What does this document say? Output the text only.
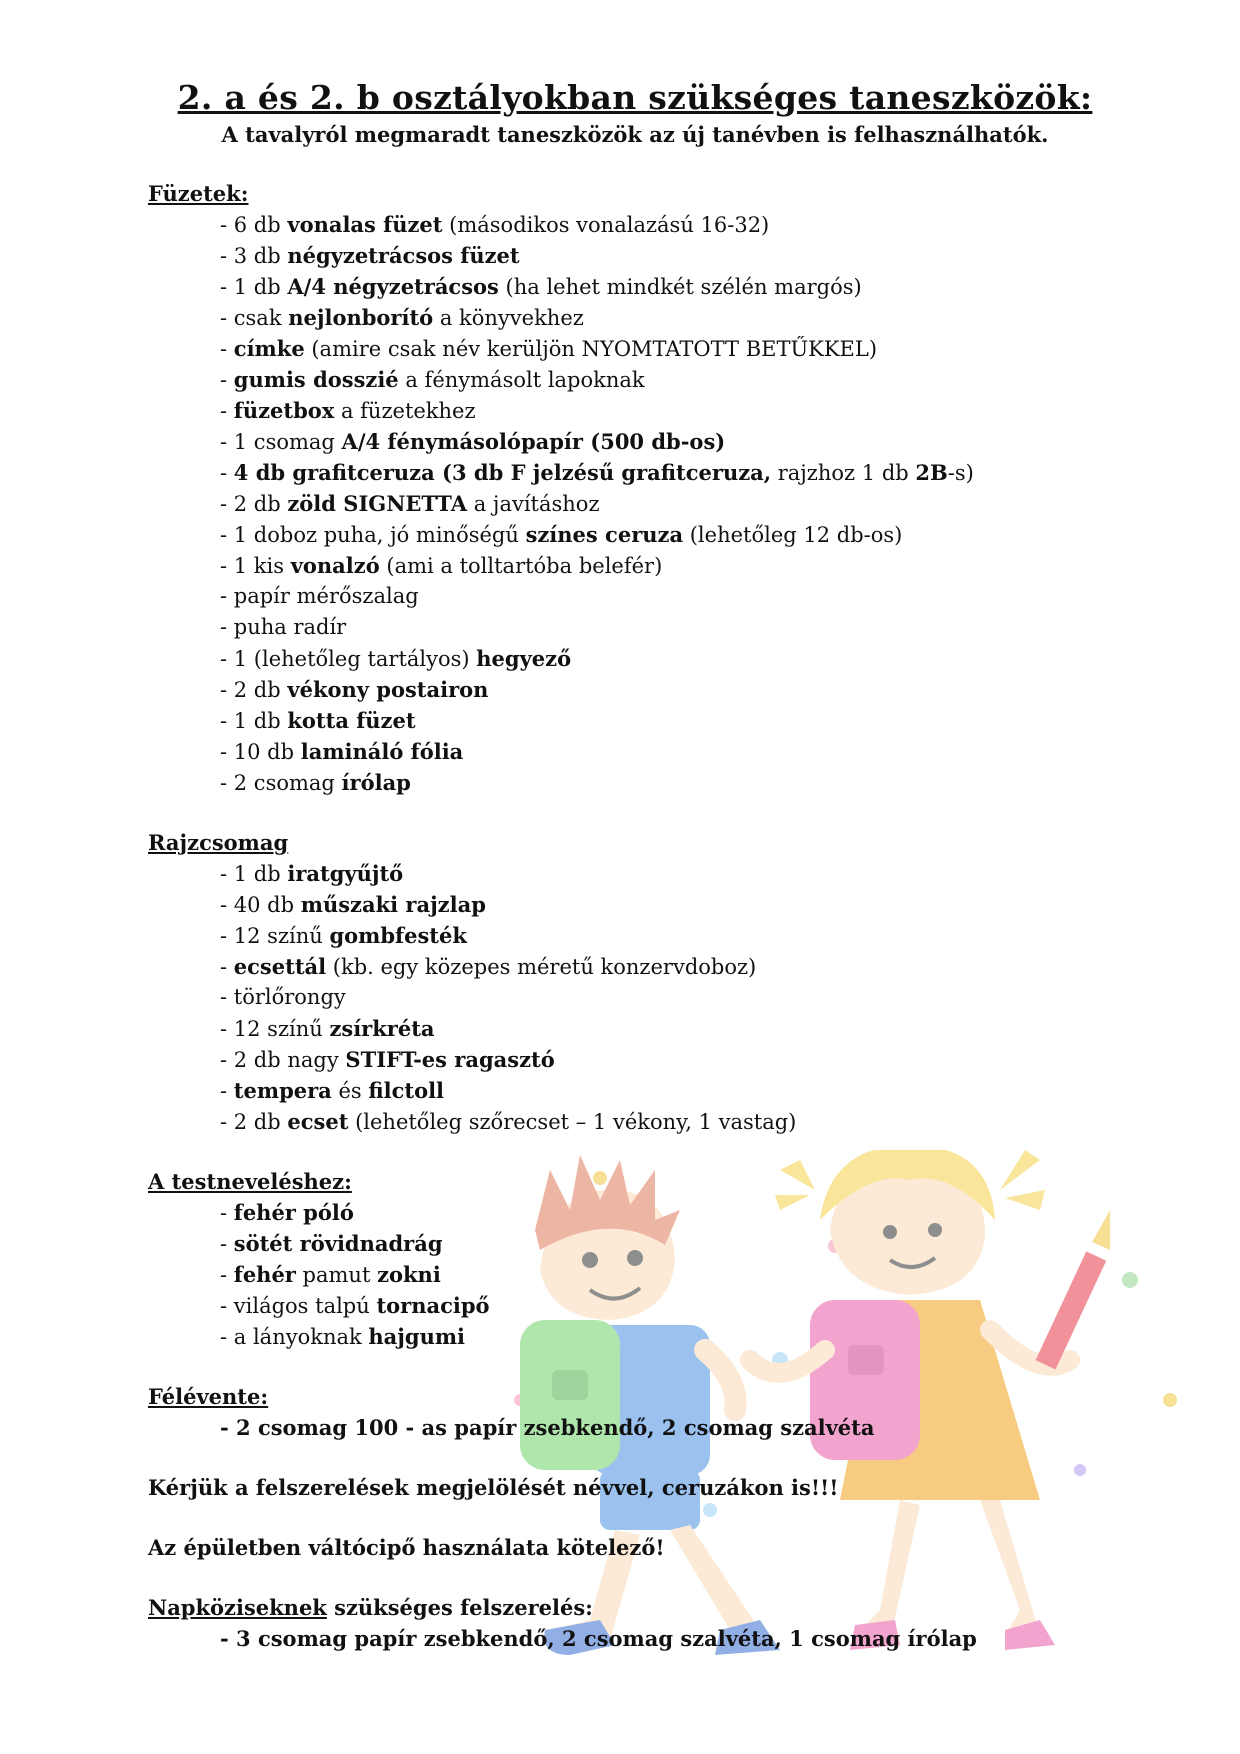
2. a és 2. b osztályokban szükséges taneszközök:
A tavalyról megmaradt taneszközök az új tanévben is felhasználhatók.
Füzetek:
- 6 db vonalas füzet (másodikos vonalazású 16-32)
- 3 db négyzetrácsos füzet
- 1 db A/4 négyzetrácsos (ha lehet mindkét szélén margós)
- csak nejlonborító a könyvekhez
- címke (amire csak név kerüljön NYOMTATOTT BETŰKKEL)
- gumis dosszié a fénymásolt lapoknak
- füzetbox a füzetekhez
- 1 csomag A/4 fénymásolópapír (500 db-os)
- 4 db grafitceruza (3 db F jelzésű grafitceruza, rajzhoz 1 db 2B-s)
- 2 db zöld SIGNETTA a javításhoz
- 1 doboz puha, jó minőségű színes ceruza (lehetőleg 12 db-os)
- 1 kis vonalzó (ami a tolltartóba belefér)
- papír mérőszalag
- puha radír
- 1 (lehetőleg tartályos) hegyező
- 2 db vékony postairon
- 1 db kotta füzet
- 10 db lamináló fólia
- 2 csomag írólap
Rajzcsomag
- 1 db iratgyűjtő
- 40 db műszaki rajzlap
- 12 színű gombfesték
- ecsettál (kb. egy közepes méretű konzervdoboz)
- törlőrongy
- 12 színű zsírkréta
- 2 db nagy STIFT-es ragasztó
- tempera és filctoll
- 2 db ecset (lehetőleg szőrecset – 1 vékony, 1 vastag)
A testneveléshez:
- fehér póló
- sötét rövidnadrág
- fehér pamut zokni
- világos talpú tornacipő
- a lányoknak hajgumi
Félévente:
- 2 csomag 100 - as papír zsebkendő, 2 csomag szalvéta
Kérjük a felszerelések megjelölését névvel, ceruzákon is!!!
Az épületben váltócipő használata kötelező!
Napköziseknek szükséges felszerelés:
- 3 csomag papír zsebkendő, 2 csomag szalvéta, 1 csomag írólap
